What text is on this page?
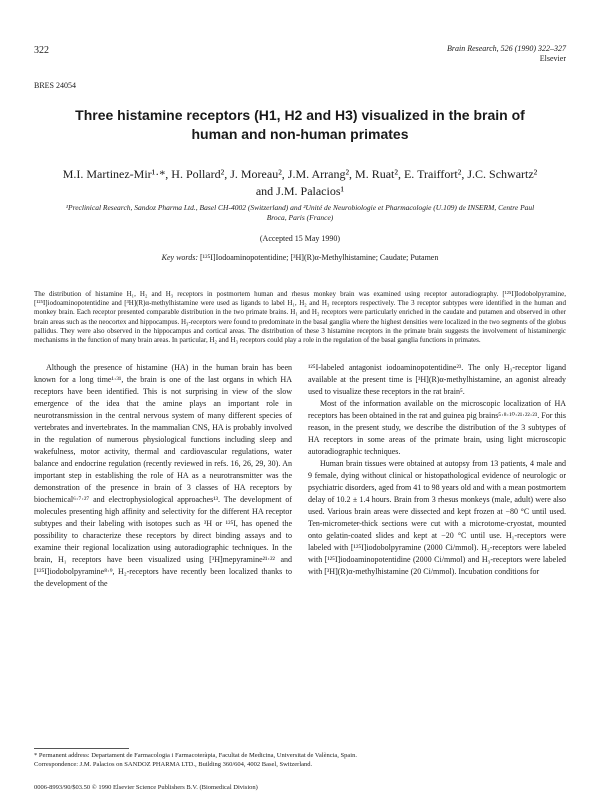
322	Brain Research, 526 (1990) 322–327
Elsevier
BRES 24054
Three histamine receptors (H1, H2 and H3) visualized in the brain of human and non-human primates
M.I. Martinez-Mir¹·*, H. Pollard², J. Moreau², J.M. Arrang², M. Ruat², E. Traiffort², J.C. Schwartz² and J.M. Palacios¹
¹Preclinical Research, Sandoz Pharma Ltd., Basel CH-4002 (Switzerland) and ²Unité de Neurobiologie et Pharmacologie (U.109) de INSERM, Centre Paul Broca, Paris (France)
(Accepted 15 May 1990)
Key words: [¹²⁵I]Iodoaminopotentidine; [³H](R)α-Methylhistamine; Caudate; Putamen

The distribution of histamine H₁, H₂ and H₃ receptors in postmortem human and rhesus monkey brain was examined using receptor autoradiography. [¹²⁵I]Iodobolpyramine, [¹²⁵I]iodoaminopotentidine and [³H](R)α-methylhistamine were used as ligands to label H₁, H₂ and H₃ receptors respectively. The 3 receptor subtypes were identified in the human and monkey brain. Each receptor presented comparable distribution in the two primate brains. H₁ and H₂ receptors were particularly enriched in the caudate and putamen and observed in other brain areas such as the neocortex and hippocampus. H₃-receptors were found to predominate in the basal ganglia where the highest densities were localized in the two segments of the globus pallidus. They were also observed in the hippocampus and cortical areas. The distribution of these 3 histamine receptors in the primate brain suggests the involvement of histaminergic mechanisms in the function of many brain areas. In particular, H₂ and H₃ receptors could play a role in the regulation of the basal ganglia functions in primates.

Although the presence of histamine (HA) in the human brain has been known for a long time¹·³¹, the brain is one of the last organs in which HA receptors have been identified. This is not surprising in view of the slow emergence of the idea that the amine plays an important role in neurotransmission in the central nervous system of many different species of vertebrates and invertebrates. In the mammalian CNS, HA is probably involved in the regulation of numerous physiological functions including sleep and wakefulness, motor activity, thermal and cardiovascular regulations, water balance and endocrine regulation (recently reviewed in refs. 16, 26, 29, 30). An important step in establishing the role of HA as a neurotransmitter was the demonstration of the presence in brain of 3 classes of HA receptors by biochemical⁶·⁷·²⁷ and electrophysiological approaches¹³. The development of molecules presenting high affinity and selectivity for the different HA receptor subtypes and their labeling with isotopes such as ³H or ¹²⁵I, has opened the possibility to characterize these receptors by direct binding assays and to examine their regional localization using autoradiographic techniques. In the brain, H₁ receptors have been visualized using [³H]mepyramine²¹·²² and [¹²⁵I]iodobolpyramine⁸·⁹, H₂-receptors have recently been localized thanks to the development of the

¹²⁵I-labeled antagonist iodoaminopotentidine²³. The only H₃-receptor ligand available at the present time is [³H](R)α-methylhistamine, an agonist already used to visualize these receptors in the rat brain⁵.

Most of the information available on the microscopic localization of HA receptors has been obtained in the rat and guinea pig brains⁵·⁸·¹⁰·²¹·²²·²³. For this reason, in the present study, we describe the distribution of the 3 subtypes of HA receptors in some areas of the primate brain, using light microscopic autoradiographic techniques.

Human brain tissues were obtained at autopsy from 13 patients, 4 male and 9 female, dying without clinical or histopathological evidence of neurologic or psychiatric disorders, aged from 41 to 98 years old and with a mean postmortem delay of 10.2 ± 1.4 hours. Brain from 3 rhesus monkeys (male, adult) were also used. Various brain areas were dissected and kept frozen at −80 °C until used. Ten-micrometer-thick sections were cut with a microtome-cryostat, mounted onto gelatin-coated slides and kept at −20 °C until use. H₁-receptors were labeled with [¹²⁵I]iodobolpyramine (2000 Ci/mmol). H₂-receptors were labeled with [¹²⁵I]iodoaminopotentidine (2000 Ci/mmol) and H₃-receptors were labeled with [³H](R)α-methylhistamine (20 Ci/mmol). Incubation conditions for

* Permanent address: Departament de Farmacologia i Farmacoteràpia, Facultat de Medicina, Universitat de València, Spain.
Correspondence: J.M. Palacios on SANDOZ PHARMA LTD., Building 360/604, 4002 Basel, Switzerland.
0006-8993/90/$03.50 © 1990 Elsevier Science Publishers B.V. (Biomedical Division)
